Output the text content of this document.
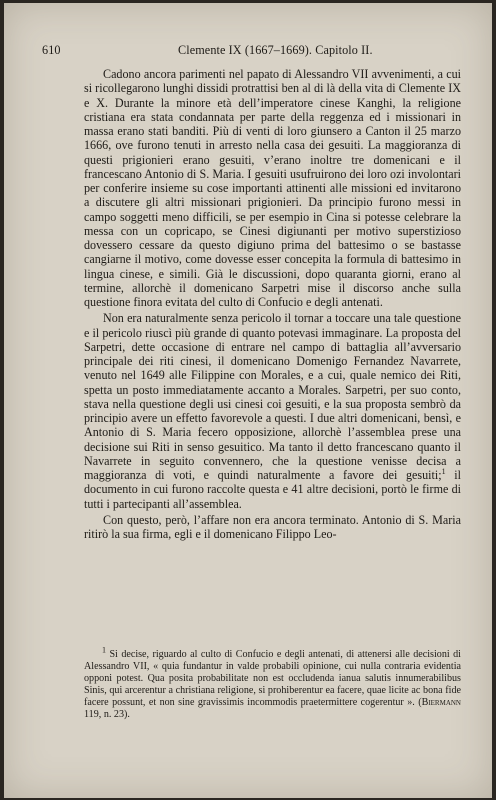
610	Clemente IX (1667–1669). Capitolo II.

Cadono ancora parimenti nel papato di Alessandro VII avvenimenti, a cui si ricollegarono lunghi dissidi protrattisi ben al di là della vita di Clemente IX e X. Durante la minore età dell’imperatore cinese Kanghi, la religione cristiana era stata condannata per parte della reggenza ed i missionari in massa erano stati banditi. Più di venti di loro giunsero a Canton il 25 marzo 1666, ove furono tenuti in arresto nella casa dei gesuiti. La maggioranza di questi prigionieri erano gesuiti, v’erano inoltre tre domenicani e il francescano Antonio di S. Maria. I gesuiti usufruirono dei loro ozi involontari per conferire insieme su cose importanti attinenti alle missioni ed invitarono a discutere gli altri missionari prigionieri. Da principio furono messi in campo soggetti meno difficili, se per esempio in Cina si potesse celebrare la messa con un copricapo, se Cinesi digiunanti per motivo superstizioso dovessero cessare da questo digiuno prima del battesimo o se bastasse cangiarne il motivo, come dovesse esser concepita la formula di battesimo in lingua cinese, e simili. Già le discussioni, dopo quaranta giorni, erano al termine, allorchè il domenicano Sarpetri mise il discorso anche sulla questione finora evitata del culto di Confucio e degli antenati.

Non era naturalmente senza pericolo il tornar a toccare una tale questione e il pericolo riuscì più grande di quanto potevasi immaginare. La proposta del Sarpetri, dette occasione di entrare nel campo di battaglia all’avversario principale dei riti cinesi, il domenicano Domenigo Fernandez Navarrete, venuto nel 1649 alle Filippine con Morales, e a cui, quale nemico dei Riti, spetta un posto immediatamente accanto a Morales. Sarpetri, per suo conto, stava nella questione degli usi cinesi coi gesuiti, e la sua proposta sembrò da principio avere un effetto favorevole a questi. I due altri domenicani, bensì, e Antonio di S. Maria fecero opposizione, allorchè l’assemblea prese una decisione sui Riti in senso gesuitico. Ma tanto il detto francescano quanto il Navarrete in seguito convennero, che la questione venisse decisa a maggioranza di voti, e quindi naturalmente a favore dei gesuiti;$^1$ il documento in cui furono raccolte questa e 41 altre decisioni, portò le firme di tutti i partecipanti all’assemblea.

Con questo, però, l’affare non era ancora terminato. Antonio di S. Maria ritirò la sua firma, egli e il domenicano Filippo Leo-

$^1$ Si decise, riguardo al culto di Confucio e degli antenati, di attenersi alle decisioni di Alessandro VII, « quia fundantur in valde probabili opinione, cui nulla contraria evidentia opponi potest. Qua posita probabilitate non est occludenda ianua salutis innumerabilibus Sinis, qui arcerentur a christiana religione, si prohiberentur ea facere, quae licite ac bona fide facere possunt, et non sine gravissimis incommodis praetermittere cogerentur ». (Biermann 119, n. 23).
